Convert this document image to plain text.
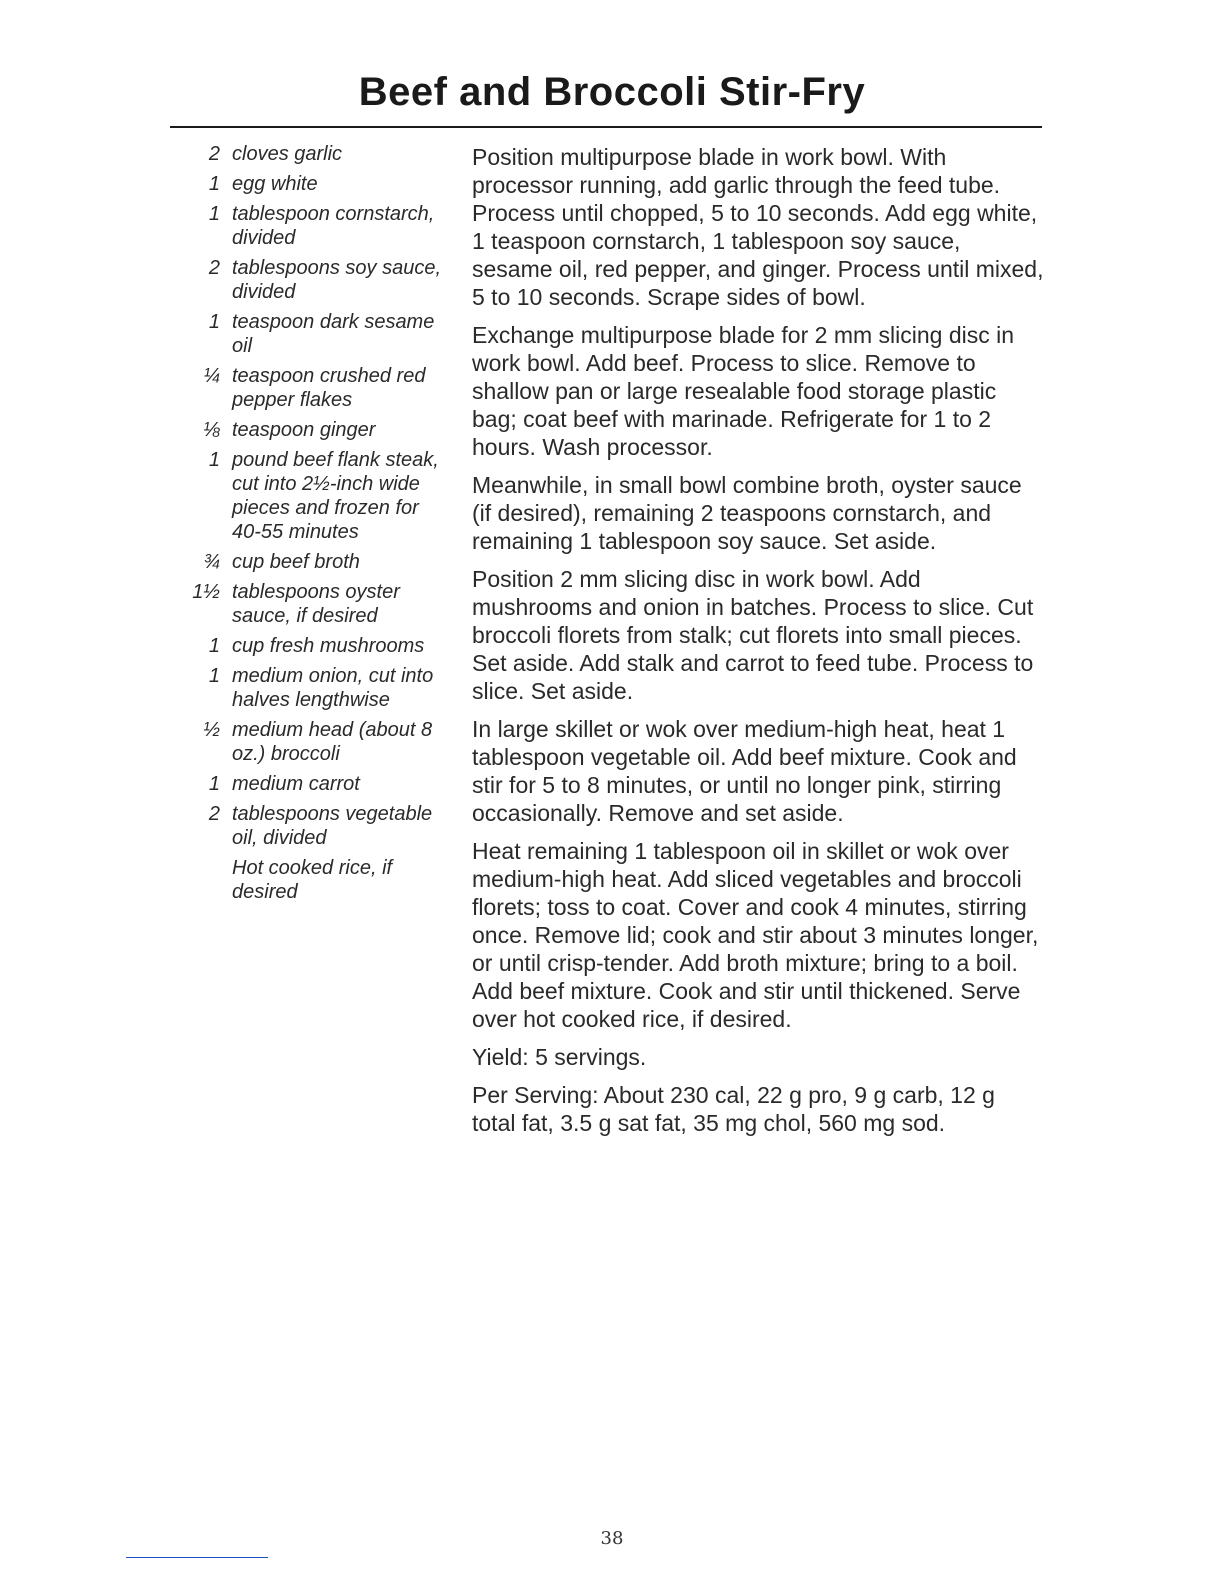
Beef and Broccoli Stir-Fry
2 cloves garlic
1 egg white
1 tablespoon cornstarch, divided
2 tablespoons soy sauce, divided
1 teaspoon dark sesame oil
¼ teaspoon crushed red pepper flakes
⅛ teaspoon ginger
1 pound beef flank steak, cut into 2½-inch wide pieces and frozen for 40-55 minutes
¾ cup beef broth
1½ tablespoons oyster sauce, if desired
1 cup fresh mushrooms
1 medium onion, cut into halves lengthwise
½ medium head (about 8 oz.) broccoli
1 medium carrot
2 tablespoons vegetable oil, divided
Hot cooked rice, if desired

Position multipurpose blade in work bowl. With processor running, add garlic through the feed tube. Process until chopped, 5 to 10 seconds. Add egg white, 1 teaspoon cornstarch, 1 tablespoon soy sauce, sesame oil, red pepper, and ginger. Process until mixed, 5 to 10 seconds. Scrape sides of bowl.

Exchange multipurpose blade for 2 mm slicing disc in work bowl. Add beef. Process to slice. Remove to shallow pan or large resealable food storage plastic bag; coat beef with marinade. Refrigerate for 1 to 2 hours. Wash processor.

Meanwhile, in small bowl combine broth, oyster sauce (if desired), remaining 2 teaspoons cornstarch, and remaining 1 tablespoon soy sauce. Set aside.

Position 2 mm slicing disc in work bowl. Add mushrooms and onion in batches. Process to slice. Cut broccoli florets from stalk; cut florets into small pieces. Set aside. Add stalk and carrot to feed tube. Process to slice. Set aside.

In large skillet or wok over medium-high heat, heat 1 tablespoon vegetable oil. Add beef mixture. Cook and stir for 5 to 8 minutes, or until no longer pink, stirring occasionally. Remove and set aside.

Heat remaining 1 tablespoon oil in skillet or wok over medium-high heat. Add sliced vegetables and broccoli florets; toss to coat. Cover and cook 4 minutes, stirring once. Remove lid; cook and stir about 3 minutes longer, or until crisp-tender. Add broth mixture; bring to a boil. Add beef mixture. Cook and stir until thickened. Serve over hot cooked rice, if desired.

Yield: 5 servings.

Per Serving: About 230 cal, 22 g pro, 9 g carb, 12 g total fat, 3.5 g sat fat, 35 mg chol, 560 mg sod.

38
